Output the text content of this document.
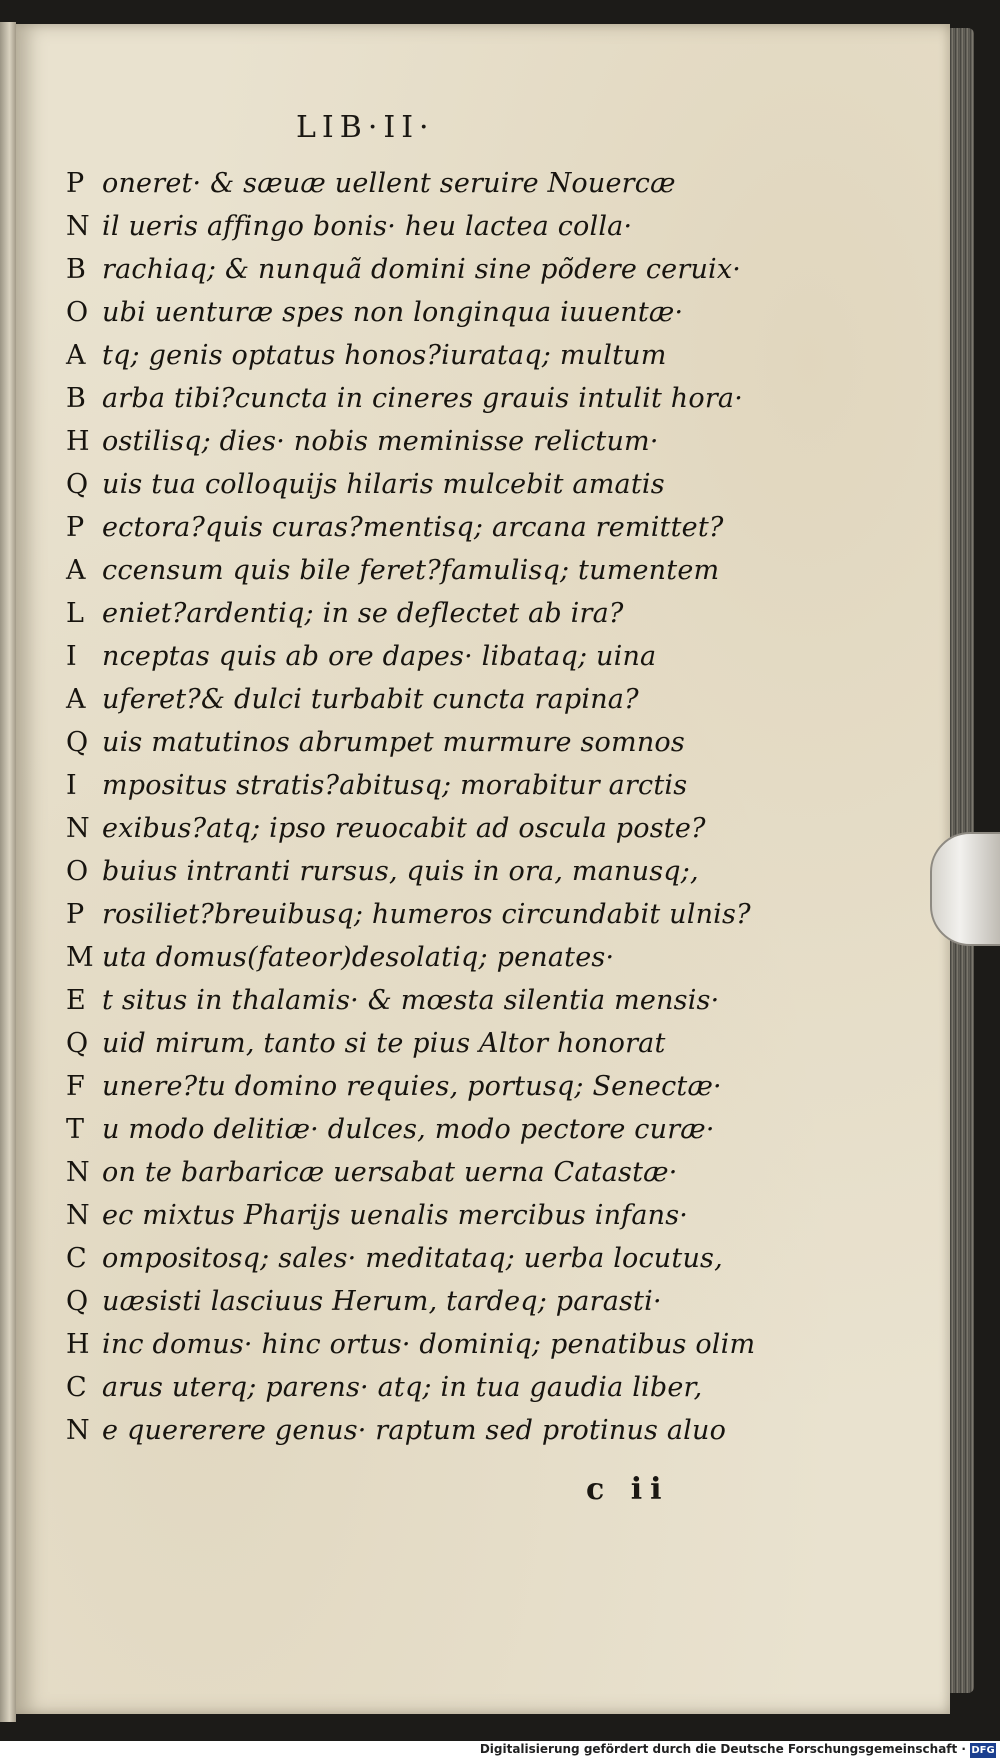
LIB·II·
P oneret· & sæuæ uellent seruire Nouercæ
N il ueris affingo bonis· heu lactea colla·
B rachiaq; & nunquã domini sine põdere ceruix·
O ubi uenturæ spes non longinqua iuuentæ·
A tq; genis optatus honos?iurataq; multum
B arba tibi?cuncta in cineres grauis intulit hora·
H ostilisq; dies· nobis meminisse relictum·
Q uis tua colloquijs hilaris mulcebit amatis
P ectora?quis curas?mentisq; arcana remittet?
A ccensum quis bile feret?famulisq; tumentem
L eniet?ardentiq; in se deflectet ab ira?
I nceptas quis ab ore dapes· libataq; uina
A uferet?& dulci turbabit cuncta rapina?
Q uis matutinos abrumpet murmure somnos
I mpositus stratis?abitusq; morabitur arctis
N exibus?atq; ipso reuocabit ad oscula poste?
O buius intranti rursus, quis in ora, manusq;,
P rosiliet?breuibusq; humeros circundabit ulnis?
M uta domus(fateor)desolatiq; penates·
E t situs in thalamis· & mœsta silentia mensis·
Q uid mirum, tanto si te pius Altor honorat
F unere?tu domino requies, portusq; Senectæ·
T u modo delitiæ· dulces, modo pectore curæ·
N on te barbaricæ uersabat uerna Catastæ·
N ec mixtus Pharijs uenalis mercibus infans·
C ompositosq; sales· meditataq; uerba locutus,
Q uæsisti lasciuus Herum, tardeq; parasti·
H inc domus· hinc ortus· dominiq; penatibus olim
C arus uterq; parens· atq; in tua gaudia liber,
N e quererere genus· raptum sed protinus aluo
c ii
Digitalisierung gefördert durch die Deutsche Forschungsgemeinschaft · DFG
